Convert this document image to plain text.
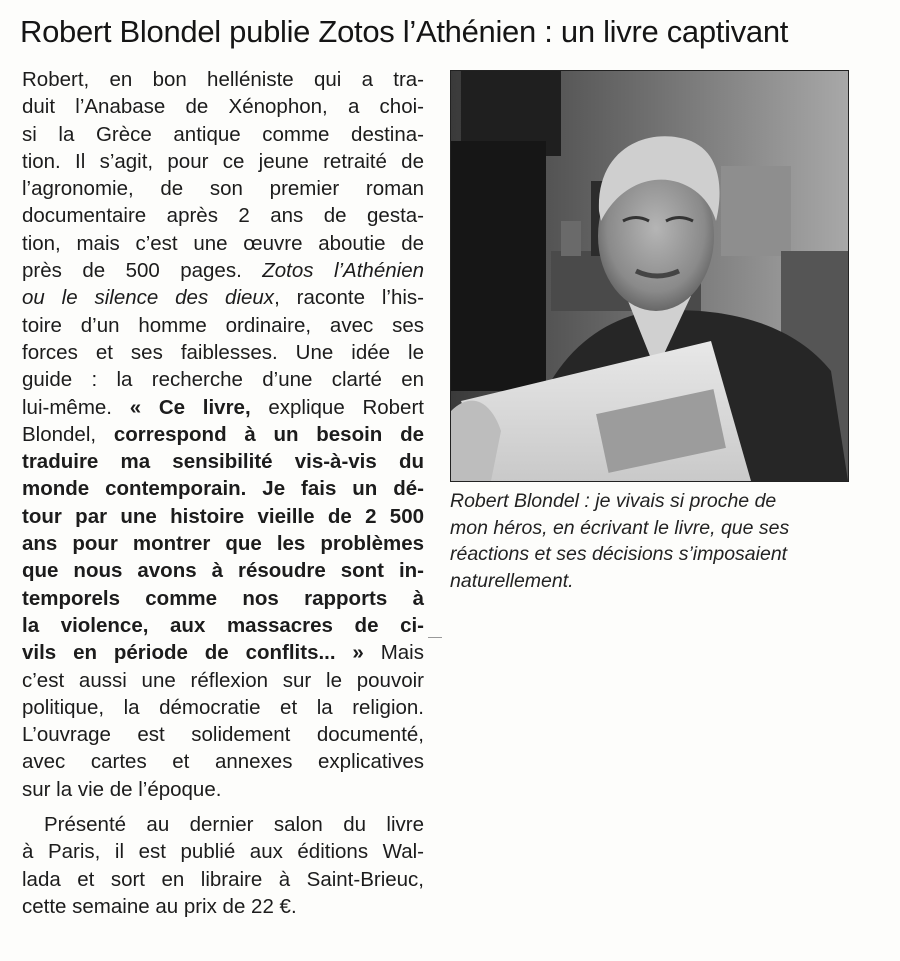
Robert Blondel publie Zotos l’Athénien : un livre captivant
Robert, en bon helléniste qui a tra-
duit l’Anabase de Xénophon, a choi-
si la Grèce antique comme destina-
tion. Il s’agit, pour ce jeune retraité de
l’agronomie, de son premier roman
documentaire après 2 ans de gesta-
tion, mais c’est une œuvre aboutie de
près de 500 pages. Zotos l’Athénien
ou le silence des dieux, raconte l’his-
toire d’un homme ordinaire, avec ses
forces et ses faiblesses. Une idée le
guide : la recherche d’une clarté en
lui-même. « Ce livre, explique Robert
Blondel, correspond à un besoin de
traduire ma sensibilité vis-à-vis du
monde contemporain. Je fais un dé-
tour par une histoire vieille de 2 500
ans pour montrer que les problèmes
que nous avons à résoudre sont in-
temporels comme nos rapports à
la violence, aux massacres de ci-
vils en période de conflits... » Mais
c’est aussi une réflexion sur le pouvoir
politique, la démocratie et la religion.
L’ouvrage est solidement documenté,
avec cartes et annexes explicatives
sur la vie de l’époque.
Présenté au dernier salon du livre
à Paris, il est publié aux éditions Wal-
lada et sort en libraire à Saint-Brieuc,
cette semaine au prix de 22 €.
Robert Blondel : je vivais si proche de
mon héros, en écrivant le livre, que ses
réactions et ses décisions s’imposaient
naturellement.
